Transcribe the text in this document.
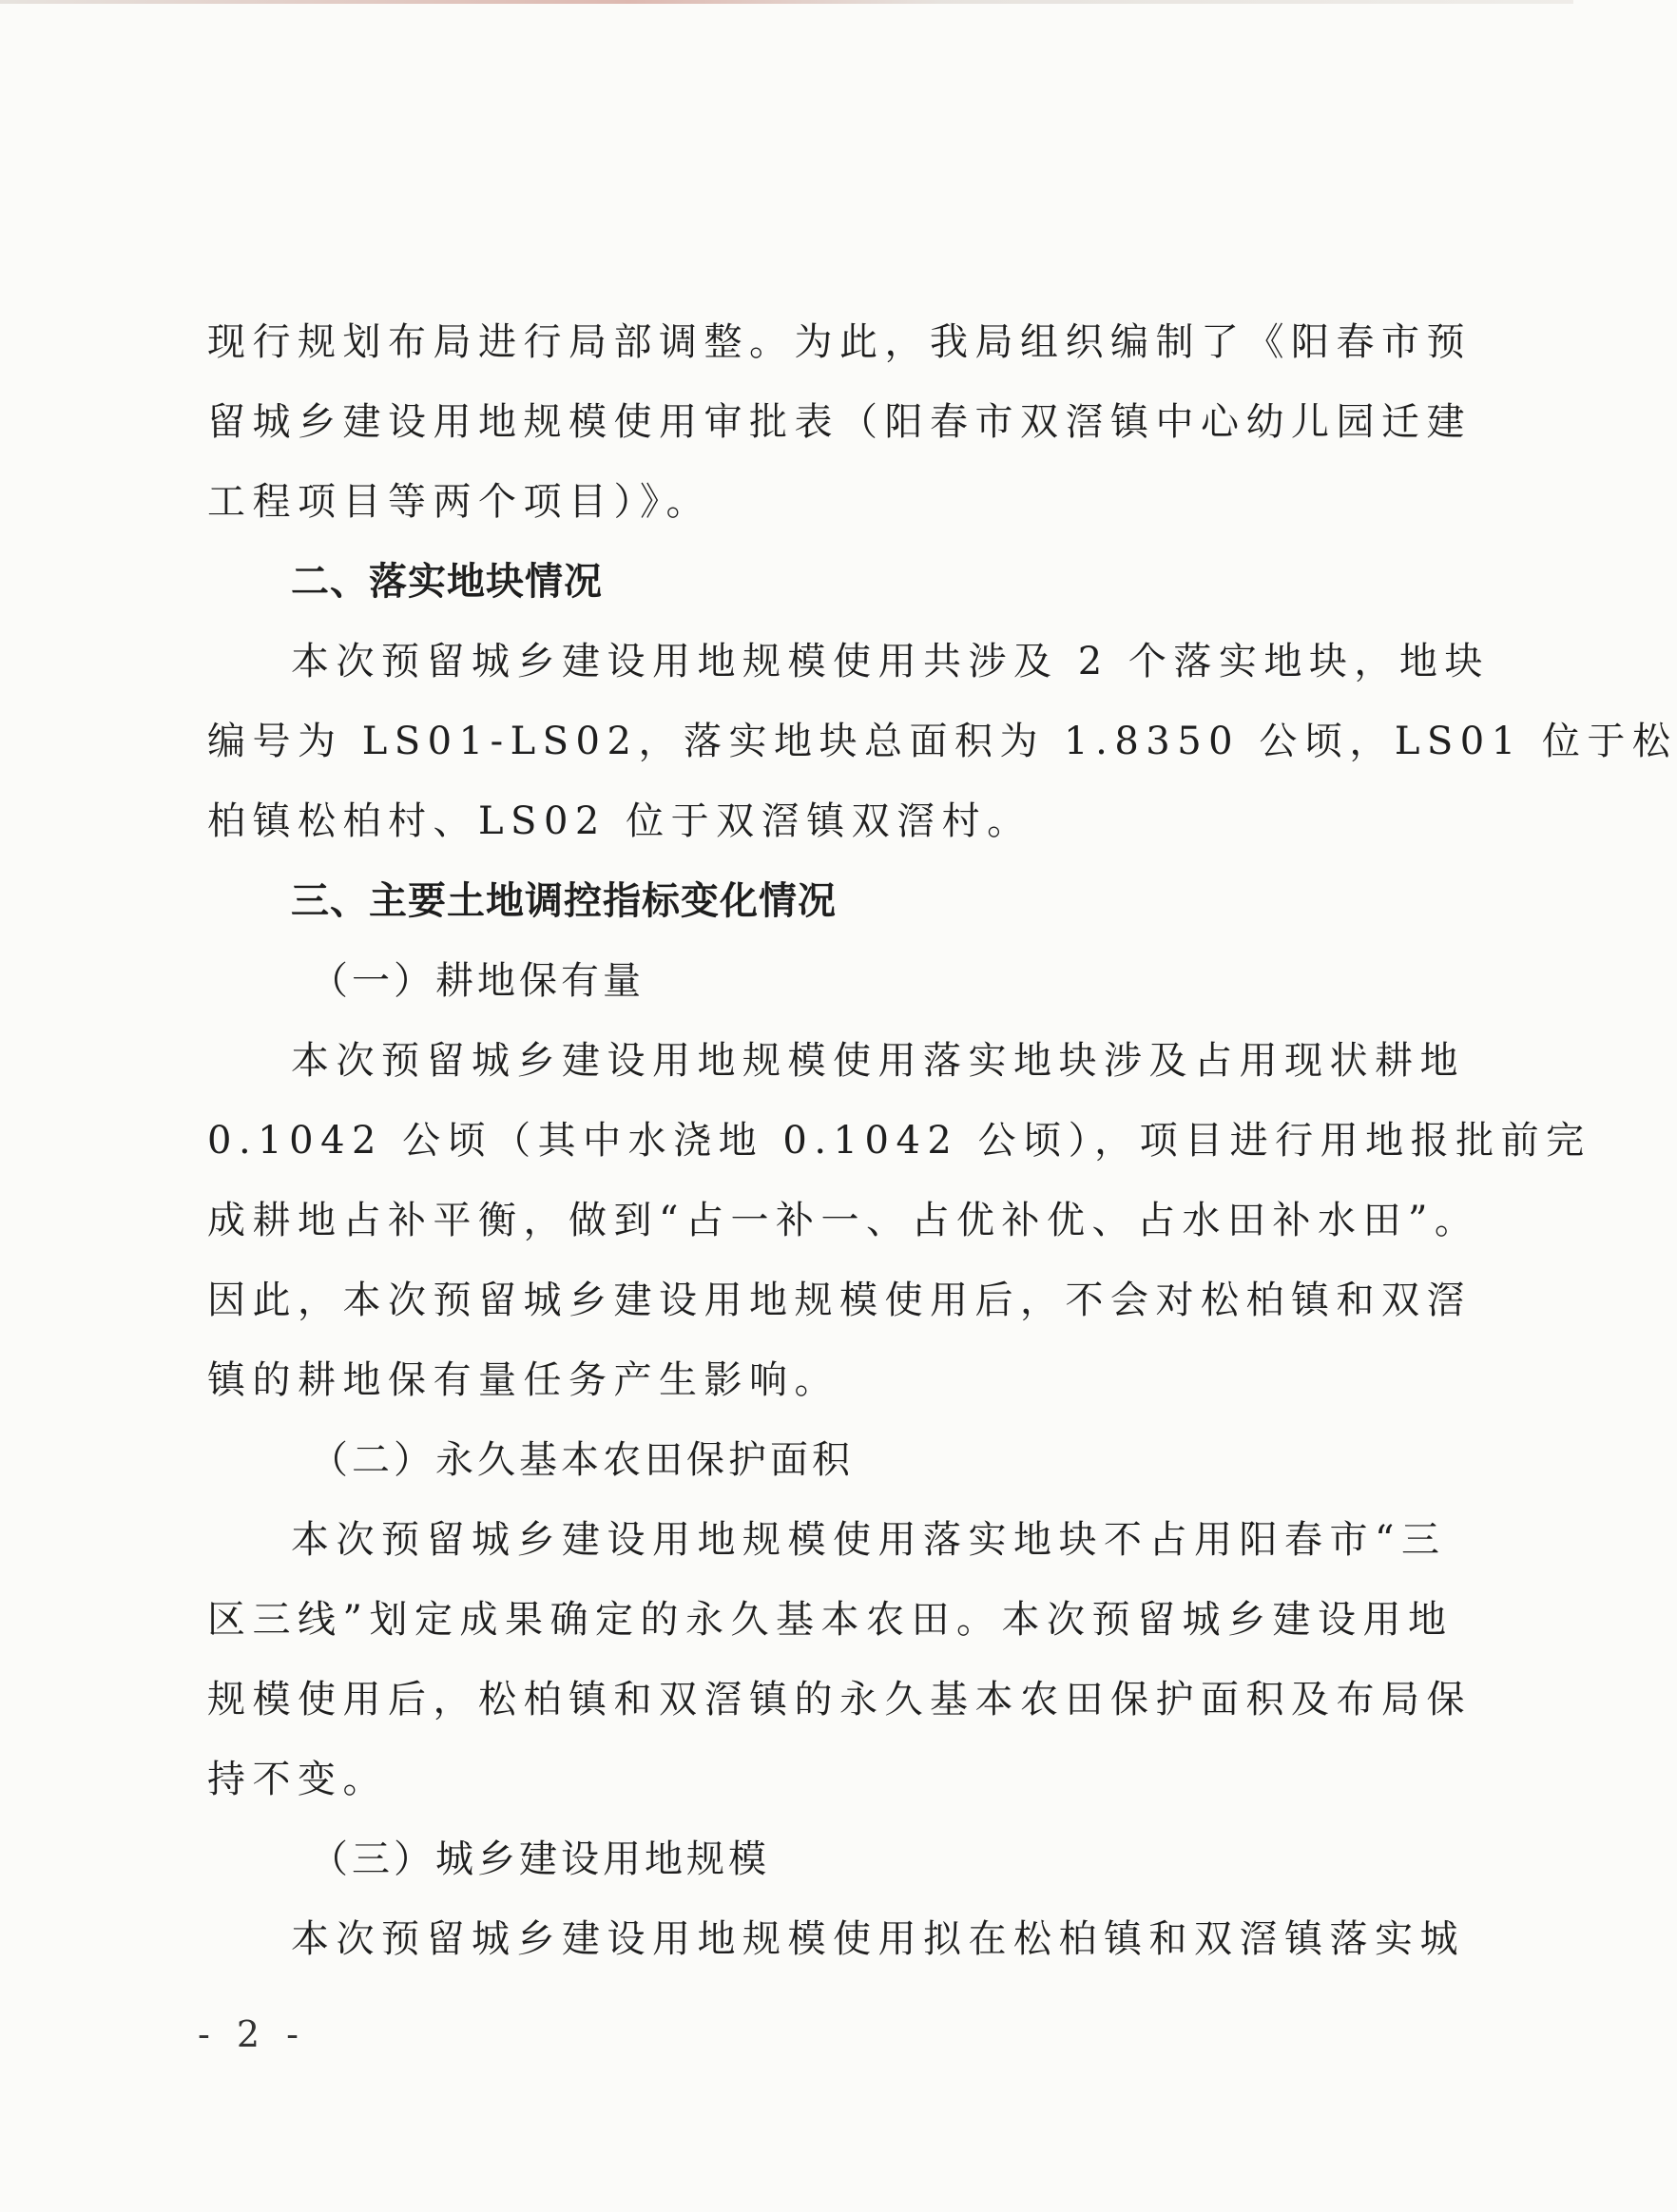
现行规划布局进行局部调整。为此，我局组织编制了《阳春市预
留城乡建设用地规模使用审批表（阳春市双滘镇中心幼儿园迁建
工程项目等两个项目）》。
二、落实地块情况
本次预留城乡建设用地规模使用共涉及 2 个落实地块，地块
编号为 LS01-LS02，落实地块总面积为 1.8350 公顷，LS01 位于松
柏镇松柏村、LS02 位于双滘镇双滘村。
三、主要土地调控指标变化情况
（一）耕地保有量
本次预留城乡建设用地规模使用落实地块涉及占用现状耕地
0.1042 公顷（其中水浇地 0.1042 公顷），项目进行用地报批前完
成耕地占补平衡，做到“占一补一、占优补优、占水田补水田”。
因此，本次预留城乡建设用地规模使用后，不会对松柏镇和双滘
镇的耕地保有量任务产生影响。
（二）永久基本农田保护面积
本次预留城乡建设用地规模使用落实地块不占用阳春市“三
区三线”划定成果确定的永久基本农田。本次预留城乡建设用地
规模使用后，松柏镇和双滘镇的永久基本农田保护面积及布局保
持不变。
（三）城乡建设用地规模
本次预留城乡建设用地规模使用拟在松柏镇和双滘镇落实城
- 2 -
